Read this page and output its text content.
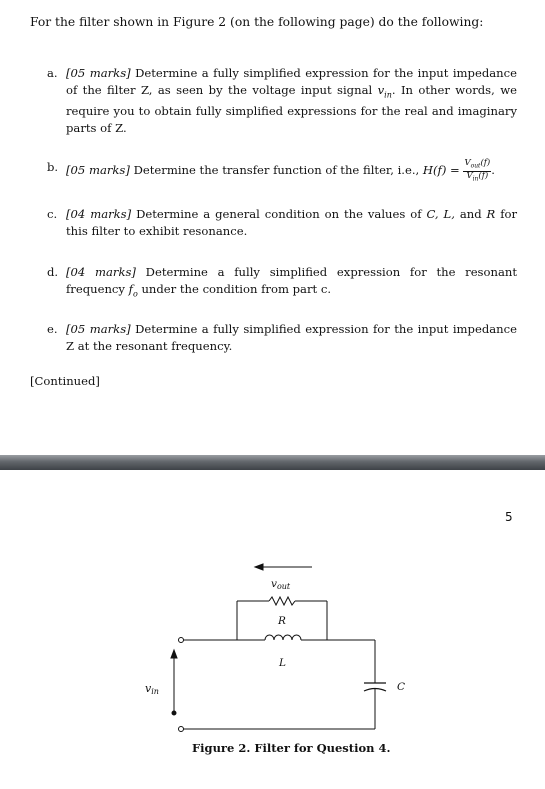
For the filter shown in Figure 2 (on the following page) do the following:
a. [05 marks] Determine a fully simplified expression for the input impedance of the filter Z, as seen by the voltage input signal $v_{in}$. In other words, we require you to obtain fully simplified expressions for the real and imaginary parts of Z.
b. [05 marks] Determine the transfer function of the filter, i.e., $H(f) = \frac{V_{out}(f)}{V_{in}(f)}$ .
c. [04 marks] Determine a general condition on the values of C, L, and R for this filter to exhibit resonance.
d. [04 marks] Determine a fully simplified expression for the resonant frequency $f_o$ under the condition from part c.
e. [05 marks] Determine a fully simplified expression for the input impedance Z at the resonant frequency.
[Continued]
5
vout
R
L
C
vin
Figure 2. Filter for Question 4.
